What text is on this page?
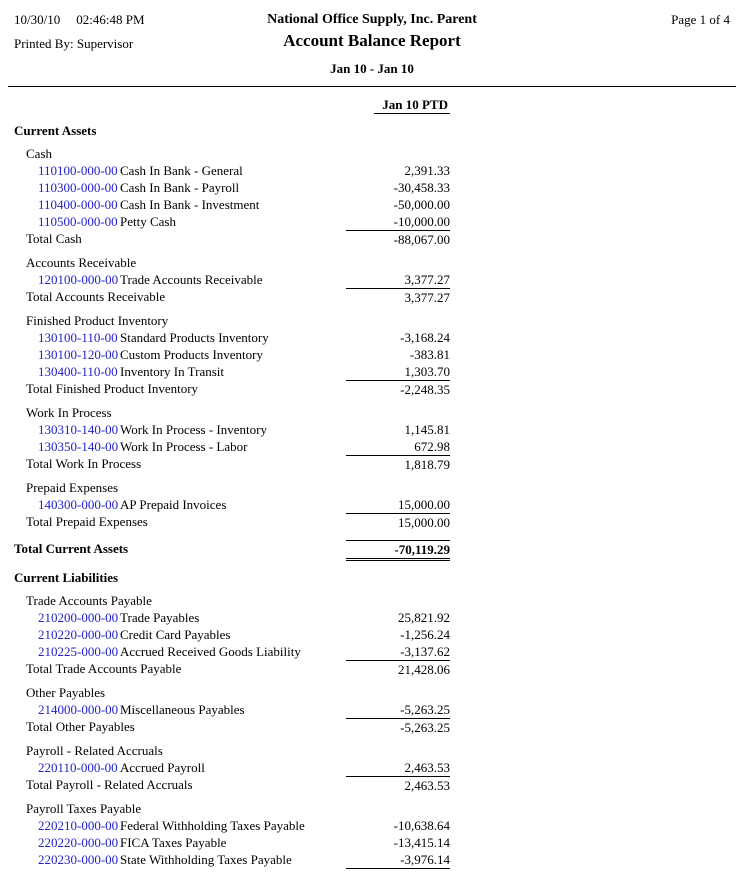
10/30/10 02:46:48 PM
Printed By: Supervisor
National Office Supply, Inc. Parent
Account Balance Report
Jan 10 - Jan 10
Page 1 of 4
Jan 10 PTD
Current Assets
Cash
110100-000-00 Cash In Bank - General	2,391.33
110300-000-00 Cash In Bank - Payroll	-30,458.33
110400-000-00 Cash In Bank - Investment	-50,000.00
110500-000-00 Petty Cash	-10,000.00
Total Cash	-88,067.00
Accounts Receivable
120100-000-00 Trade Accounts Receivable	3,377.27
Total Accounts Receivable	3,377.27
Finished Product Inventory
130100-110-00 Standard Products Inventory	-3,168.24
130100-120-00 Custom Products Inventory	-383.81
130400-110-00 Inventory In Transit	1,303.70
Total Finished Product Inventory	-2,248.35
Work In Process
130310-140-00 Work In Process - Inventory	1,145.81
130350-140-00 Work In Process - Labor	672.98
Total Work In Process	1,818.79
Prepaid Expenses
140300-000-00 AP Prepaid Invoices	15,000.00
Total Prepaid Expenses	15,000.00
Total Current Assets	-70,119.29
Current Liabilities
Trade Accounts Payable
210200-000-00 Trade Payables	25,821.92
210220-000-00 Credit Card Payables	-1,256.24
210225-000-00 Accrued Received Goods Liability	-3,137.62
Total Trade Accounts Payable	21,428.06
Other Payables
214000-000-00 Miscellaneous Payables	-5,263.25
Total Other Payables	-5,263.25
Payroll - Related Accruals
220110-000-00 Accrued Payroll	2,463.53
Total Payroll - Related Accruals	2,463.53
Payroll Taxes Payable
220210-000-00 Federal Withholding Taxes Payable	-10,638.64
220220-000-00 FICA Taxes Payable	-13,415.14
220230-000-00 State Withholding Taxes Payable	-3,976.14
